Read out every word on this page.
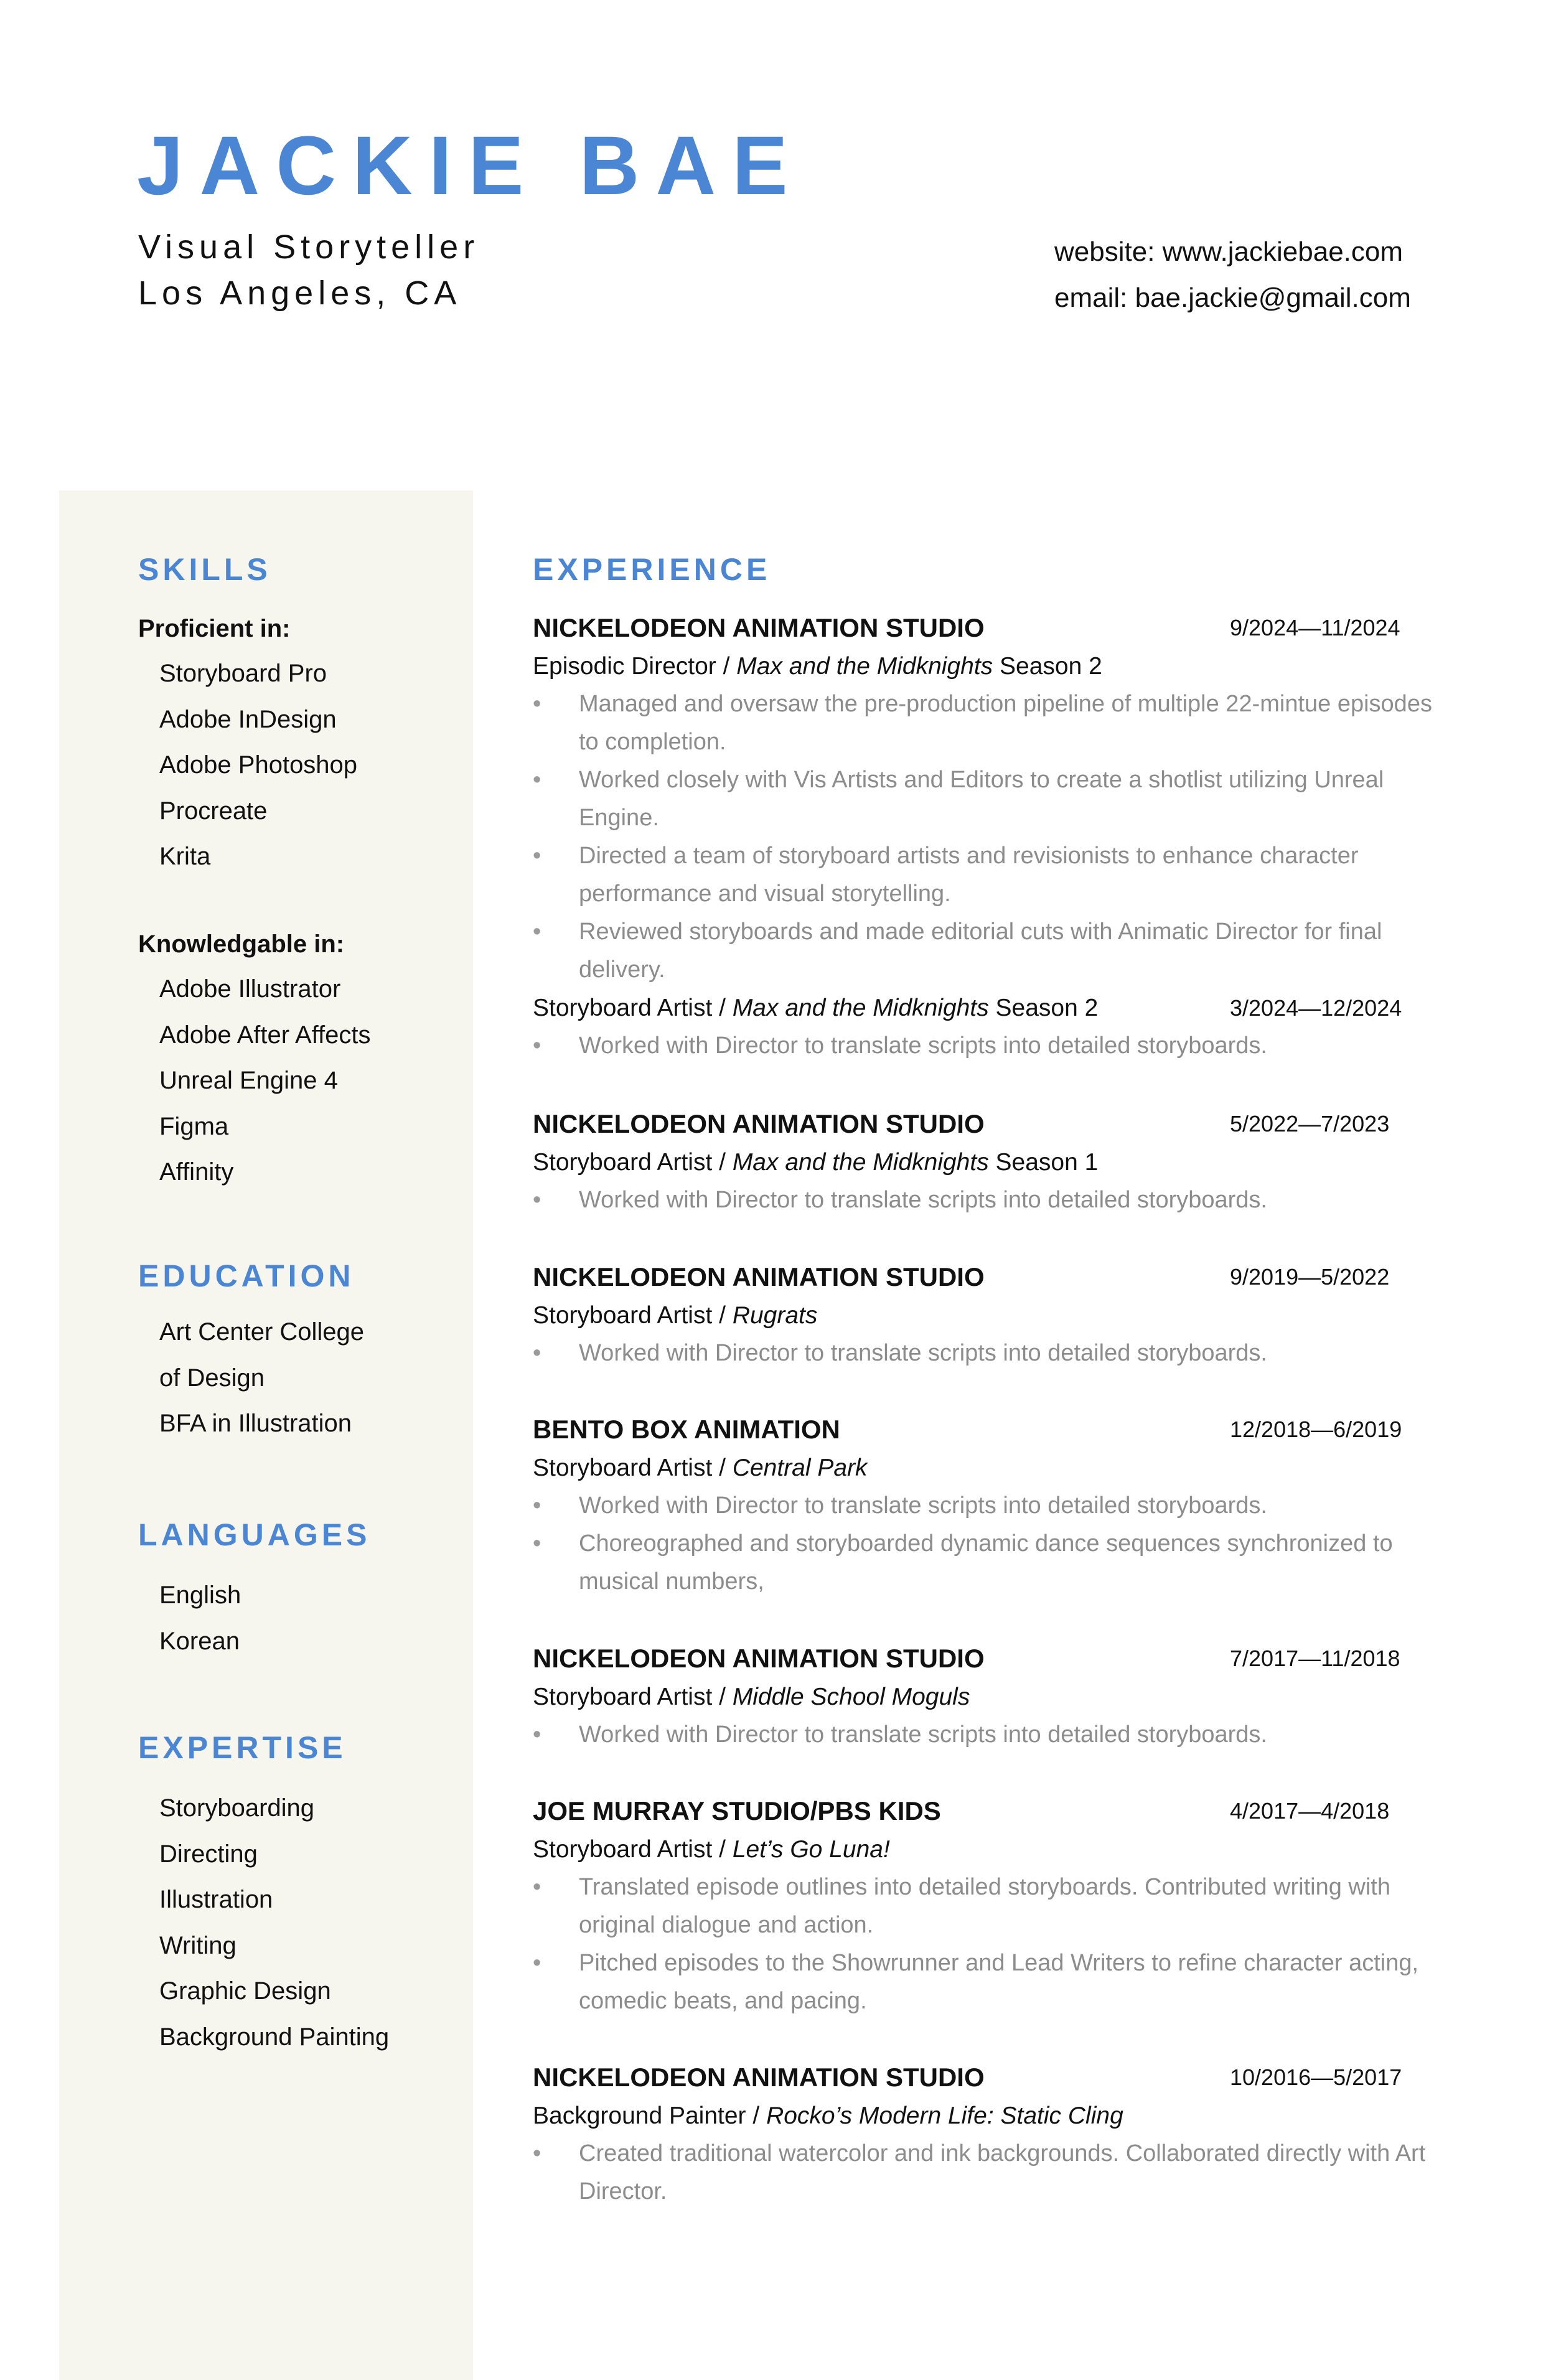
JACKIE BAE
Visual Storyteller
Los Angeles, CA
website: www.jackiebae.com
email: bae.jackie@gmail.com
SKILLS
Proficient in:
Storyboard Pro
Adobe InDesign
Adobe Photoshop
Procreate
Krita
Knowledgable in:
Adobe Illustrator
Adobe After Affects
Unreal Engine 4
Figma
Affinity
EDUCATION
Art Center College
of Design
BFA in Illustration
LANGUAGES
English
Korean
EXPERTISE
Storyboarding
Directing
Illustration
Writing
Graphic Design
Background Painting
EXPERIENCE
NICKELODEON ANIMATION STUDIO	9/2024—11/2024
Episodic Director / Max and the Midknights Season 2
• Managed and oversaw the pre-production pipeline of multiple 22-mintue episodes to completion.
• Worked closely with Vis Artists and Editors to create a shotlist utilizing Unreal Engine.
• Directed a team of storyboard artists and revisionists to enhance character performance and visual storytelling.
• Reviewed storyboards and made editorial cuts with Animatic Director for final delivery.
Storyboard Artist / Max and the Midknights Season 2	3/2024—12/2024
• Worked with Director to translate scripts into detailed storyboards.
NICKELODEON ANIMATION STUDIO	5/2022—7/2023
Storyboard Artist / Max and the Midknights Season 1
• Worked with Director to translate scripts into detailed storyboards.
NICKELODEON ANIMATION STUDIO	9/2019—5/2022
Storyboard Artist / Rugrats
• Worked with Director to translate scripts into detailed storyboards.
BENTO BOX ANIMATION	12/2018—6/2019
Storyboard Artist / Central Park
• Worked with Director to translate scripts into detailed storyboards.
• Choreographed and storyboarded dynamic dance sequences synchronized to musical numbers,
NICKELODEON ANIMATION STUDIO	7/2017—11/2018
Storyboard Artist / Middle School Moguls
• Worked with Director to translate scripts into detailed storyboards.
JOE MURRAY STUDIO/PBS KIDS	4/2017—4/2018
Storyboard Artist / Let’s Go Luna!
• Translated episode outlines into detailed storyboards. Contributed writing with original dialogue and action.
• Pitched episodes to the Showrunner and Lead Writers to refine character acting, comedic beats, and pacing.
NICKELODEON ANIMATION STUDIO	10/2016—5/2017
Background Painter / Rocko’s Modern Life: Static Cling
• Created traditional watercolor and ink backgrounds. Collaborated directly with Art Director.
